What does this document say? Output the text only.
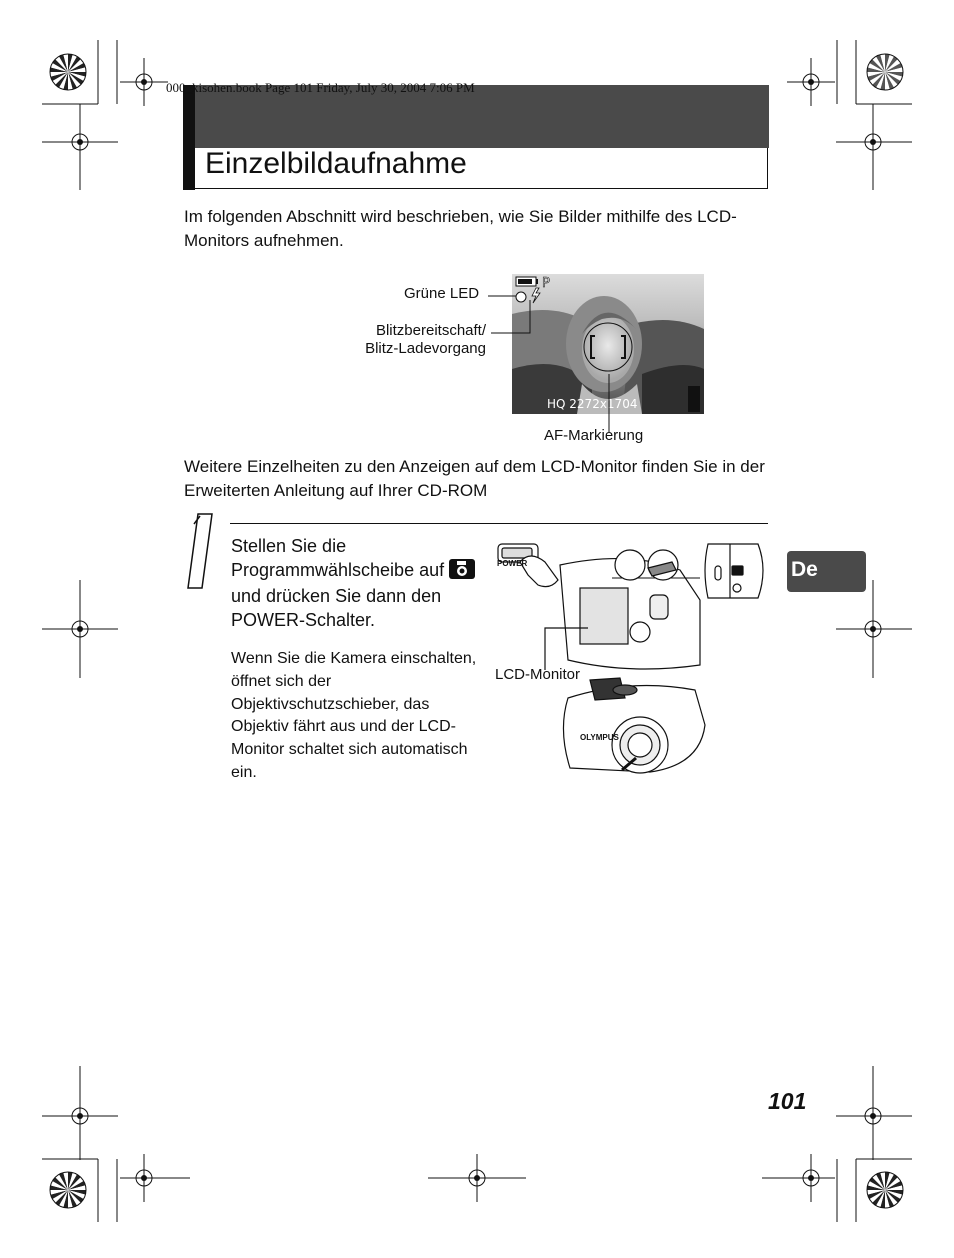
000_kisohen.book Page 101 Friday, July 30, 2004 7:06 PM
Einzelbildaufnahme
Im folgenden Abschnitt wird beschrieben, wie Sie Bilder mithilfe des LCD-Monitors aufnehmen.
Grüne LED
Blitzbereitschaft/
Blitz-Ladevorgang
AF-Markierung
P
HQ 2272x1704
Weitere Einzelheiten zu den Anzeigen auf dem LCD-Monitor finden Sie in der Erweiterten Anleitung auf Ihrer CD-ROM
1
Stellen Sie die Programmwählscheibe auf  und drücken Sie dann den POWER-Schalter.
Wenn Sie die Kamera einschalten, öffnet sich der Objektivschutzschieber, das Objektiv fährt aus und der LCD-Monitor schaltet sich automatisch ein.
OLYMPUS
POWER
LCD-Monitor
De
101
